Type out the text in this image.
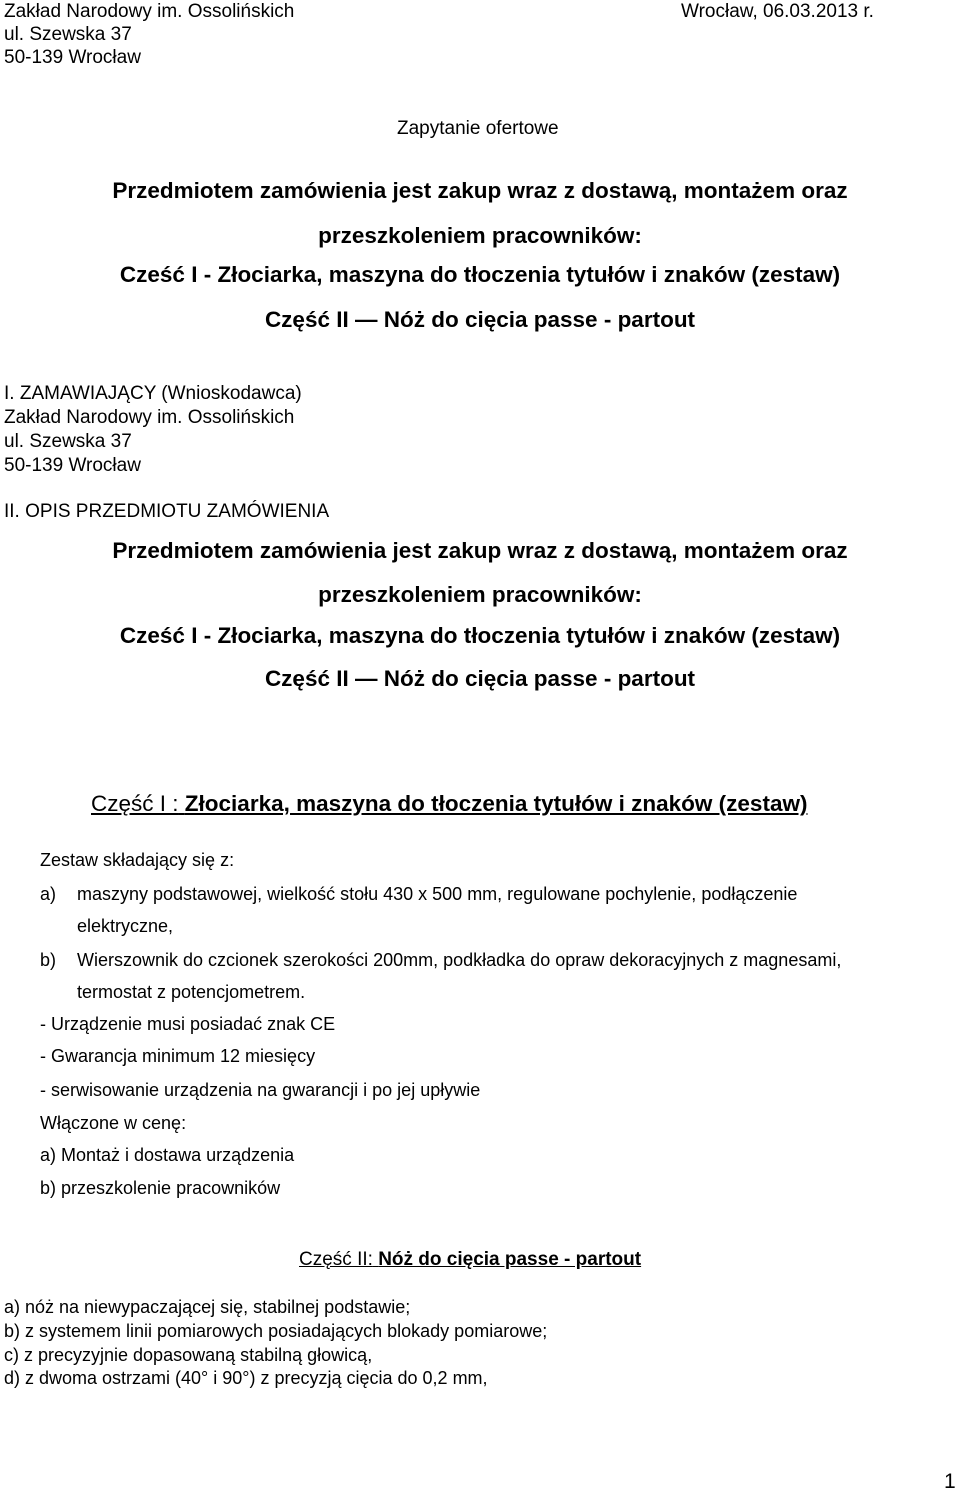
Zakład Narodowy im. Ossolińskich
ul. Szewska 37
50-139 Wrocław
Wrocław, 06.03.2013 r.
Zapytanie ofertowe
Przedmiotem zamówienia jest zakup wraz z dostawą, montażem oraz
przeszkoleniem pracowników:
Cześć I - Złociarka, maszyna do tłoczenia tytułów i znaków (zestaw)
Część II — Nóż do cięcia passe - partout
I. ZAMAWIAJĄCY (Wnioskodawca)
Zakład Narodowy im. Ossolińskich
ul. Szewska 37
50-139 Wrocław
II. OPIS PRZEDMIOTU ZAMÓWIENIA
Przedmiotem zamówienia jest zakup wraz z dostawą, montażem oraz
przeszkoleniem pracowników:
Cześć I - Złociarka, maszyna do tłoczenia tytułów i znaków (zestaw)
Część II — Nóż do cięcia passe - partout
Część I : Złociarka, maszyna do tłoczenia tytułów i znaków (zestaw)
Zestaw składający się z:
a) maszyny podstawowej, wielkość stołu 430 x 500 mm, regulowane pochylenie, podłączenie
elektryczne,
b) Wierszownik do czcionek szerokości 200mm, podkładka do opraw dekoracyjnych z magnesami,
termostat z potencjometrem.
- Urządzenie musi posiadać znak CE
- Gwarancja minimum 12 miesięcy
- serwisowanie urządzenia na gwarancji i po jej upływie
Włączone w cenę:
a) Montaż i dostawa urządzenia
b) przeszkolenie pracowników
Część II: Nóż do cięcia passe - partout
a) nóż na niewypaczającej się, stabilnej podstawie;
b) z systemem linii pomiarowych posiadających blokady pomiarowe;
c) z precyzyjnie dopasowaną stabilną głowicą,
d) z dwoma ostrzami (40° i 90°) z precyzją cięcia do 0,2 mm,
1
